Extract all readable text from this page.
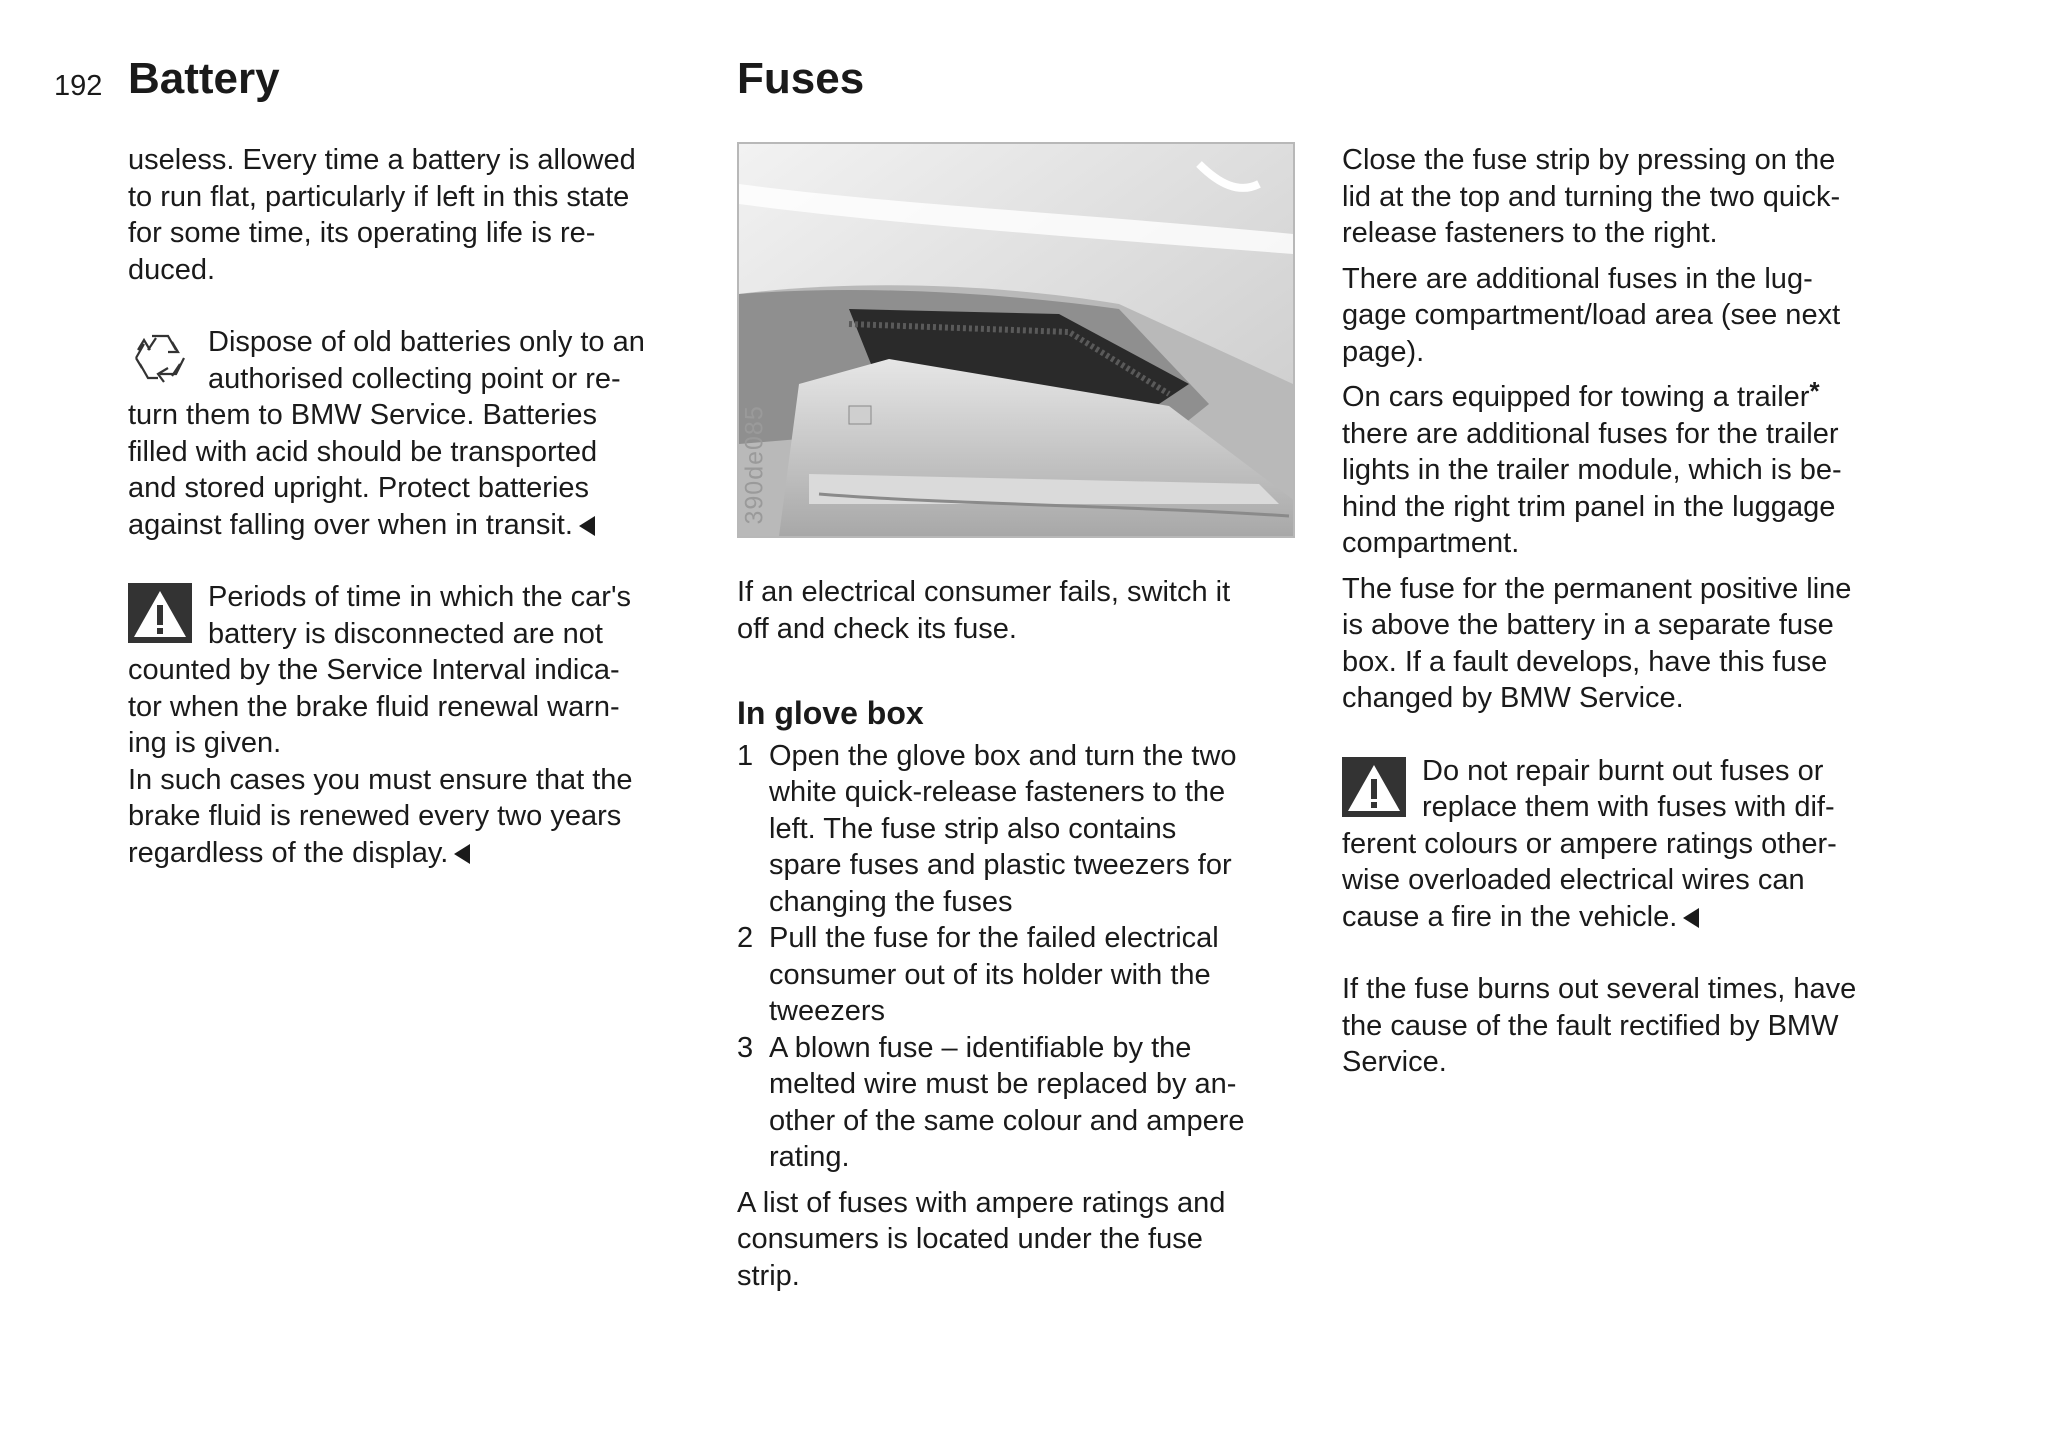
192 Battery	Fuses

useless. Every time a battery is allowed
to run flat, particularly if left in this state
for some time, its operating life is re-
duced.

Dispose of old batteries only to an
authorised collecting point or re-
turn them to BMW Service. Batteries
filled with acid should be transported
and stored upright. Protect batteries
against falling over when in transit.

Periods of time in which the car's
battery is disconnected are not
counted by the Service Interval indica-
tor when the brake fluid renewal warn-
ing is given.

In such cases you must ensure that the
brake fluid is renewed every two years
regardless of the display.

390de085

If an electrical consumer fails, switch it
off and check its fuse.

In glove box
1 Open the glove box and turn the two
white quick-release fasteners to the
left. The fuse strip also contains
spare fuses and plastic tweezers for
changing the fuses
2 Pull the fuse for the failed electrical
consumer out of its holder with the
tweezers
3 A blown fuse – identifiable by the
melted wire must be replaced by an-
other of the same colour and ampere
rating.

A list of fuses with ampere ratings and
consumers is located under the fuse
strip.

Close the fuse strip by pressing on the
lid at the top and turning the two quick-
release fasteners to the right.

There are additional fuses in the lug-
gage compartment/load area (see next
page).

On cars equipped for towing a trailer*
there are additional fuses for the trailer
lights in the trailer module, which is be-
hind the right trim panel in the luggage
compartment.

The fuse for the permanent positive line
is above the battery in a separate fuse
box. If a fault develops, have this fuse
changed by BMW Service.

Do not repair burnt out fuses or
replace them with fuses with dif-
ferent colours or ampere ratings other-
wise overloaded electrical wires can
cause a fire in the vehicle.

If the fuse burns out several times, have
the cause of the fault rectified by BMW
Service.
